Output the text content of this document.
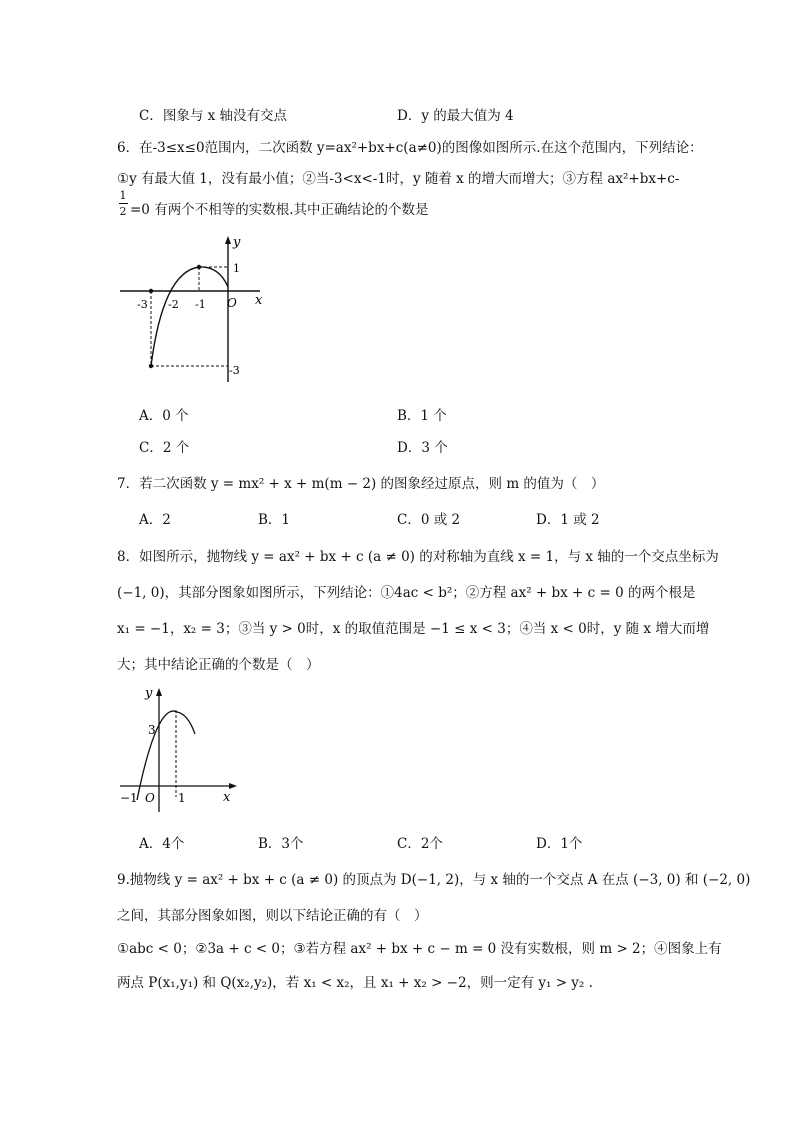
C．图象与 x 轴没有交点	D．y 的最大值为 4
6．在-3≤x≤0范围内，二次函数 y=ax²+bx+c(a≠0)的图像如图所示.在这个范围内，下列结论：
①y 有最大值 1，没有最小值；②当-3<x<-1时，y 随着 x 的增大而增大；③方程 ax²+bx+c-
1
2 =0 有两个不相等的实数根.其中正确结论的个数是
y
x
O
-3 -2 -1
1
-3
A．0 个	B．1 个
C．2 个	D．3 个
7．若二次函数 y = mx² + x + m(m − 2) 的图象经过原点，则 m 的值为（　）
A．2	B．1	C．0 或 2	D．1 或 2
8．如图所示，抛物线 y = ax² + bx + c (a ≠ 0) 的对称轴为直线 x = 1，与 x 轴的一个交点坐标为
(−1, 0)，其部分图象如图所示，下列结论：①4ac < b²；②方程 ax² + bx + c = 0 的两个根是
x₁ = −1，x₂ = 3；③当 y > 0时，x 的取值范围是 −1 ≤ x < 3；④当 x < 0时，y 随 x 增大而增
大；其中结论正确的个数是（　）
y
x
3
−1 O 1
A．4个	B．3个	C．2个	D．1个
9.抛物线 y = ax² + bx + c (a ≠ 0) 的顶点为 D(−1, 2)，与 x 轴的一个交点 A 在点 (−3, 0) 和 (−2, 0)
之间，其部分图象如图，则以下结论正确的有（　）
①abc < 0；②3a + c < 0；③若方程 ax² + bx + c − m = 0 没有实数根，则 m > 2；④图象上有
两点 P(x₁,y₁) 和 Q(x₂,y₂)，若 x₁ < x₂，且 x₁ + x₂ > −2，则一定有 y₁ > y₂ .
